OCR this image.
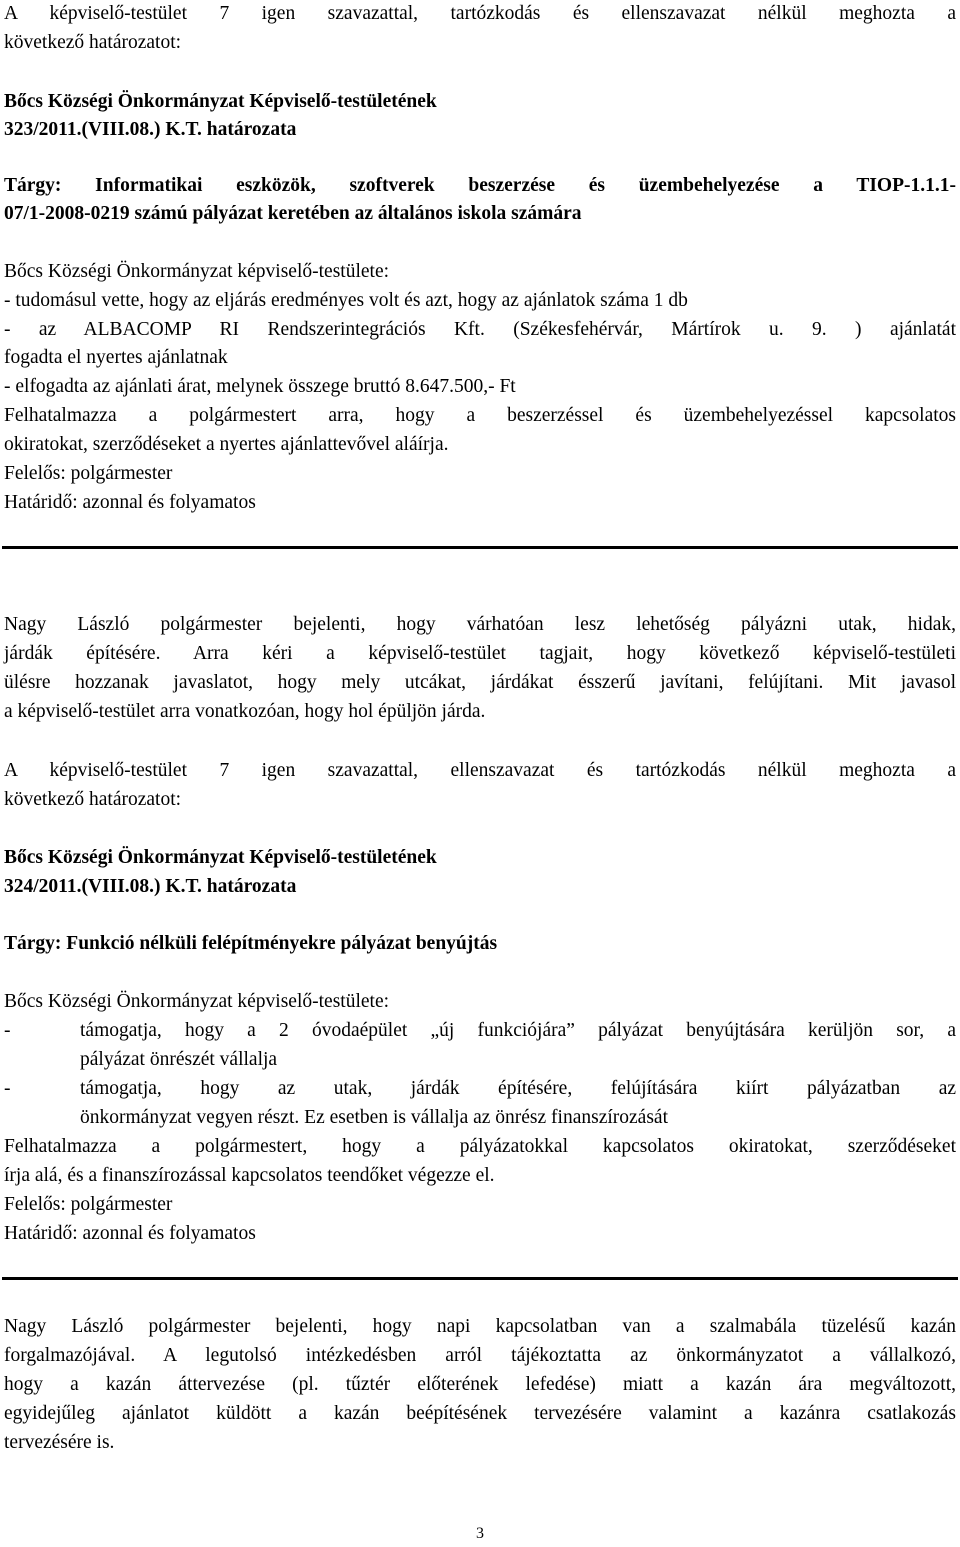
A képviselő-testület 7 igen szavazattal, tartózkodás és ellenszavazat nélkül meghozta a

következő határozatot:

Bőcs Községi Önkormányzat Képviselő-testületének

323/2011.(VIII.08.) K.T. határozata

Tárgy: Informatikai eszközök, szoftverek beszerzése és üzembehelyezése a TIOP-1.1.1-

07/1-2008-0219 számú pályázat keretében az általános iskola számára

Bőcs Községi Önkormányzat képviselő-testülete:

- tudomásul vette, hogy az eljárás eredményes volt és azt, hogy az ajánlatok száma 1 db

- az ALBACOMP RI Rendszerintegrációs Kft. (Székesfehérvár, Mártírok u. 9. ) ajánlatát

fogadta el nyertes ajánlatnak

- elfogadta az ajánlati árat, melynek összege bruttó 8.647.500,- Ft

Felhatalmazza a polgármestert arra, hogy a beszerzéssel és üzembehelyezéssel kapcsolatos

okiratokat, szerződéseket a nyertes ajánlattevővel aláírja.

Felelős: polgármester

Határidő: azonnal és folyamatos

Nagy László polgármester bejelenti, hogy várhatóan lesz lehetőség pályázni utak, hidak,

járdák építésére. Arra kéri a képviselő-testület tagjait, hogy következő képviselő-testületi

ülésre hozzanak javaslatot, hogy mely utcákat, járdákat ésszerű javítani, felújítani. Mit javasol

a képviselő-testület arra vonatkozóan, hogy hol épüljön járda.

A képviselő-testület 7 igen szavazattal, ellenszavazat és tartózkodás nélkül meghozta a

következő határozatot:

Bőcs Községi Önkormányzat Képviselő-testületének

324/2011.(VIII.08.) K.T. határozata

Tárgy: Funkció nélküli felépítményekre pályázat benyújtás

Bőcs Községi Önkormányzat képviselő-testülete:

-	támogatja, hogy a 2 óvodaépület „új funkciójára” pályázat benyújtására kerüljön sor, a

pályázat önrészét vállalja

-	támogatja, hogy az utak, járdák építésére, felújítására kiírt pályázatban az

önkormányzat vegyen részt. Ez esetben is vállalja az önrész finanszírozását

Felhatalmazza a polgármestert, hogy a pályázatokkal kapcsolatos okiratokat, szerződéseket

írja alá, és a finanszírozással kapcsolatos teendőket végezze el.

Felelős: polgármester

Határidő: azonnal és folyamatos

Nagy László polgármester bejelenti, hogy napi kapcsolatban van a szalmabála tüzelésű kazán

forgalmazójával. A legutolsó intézkedésben arról tájékoztatta az önkormányzatot a vállalkozó,

hogy a kazán áttervezése (pl. tűztér előterének lefedése) miatt a kazán ára megváltozott,

egyidejűleg ajánlatot küldött a kazán beépítésének tervezésére valamint a kazánra csatlakozás

tervezésére is.

3
